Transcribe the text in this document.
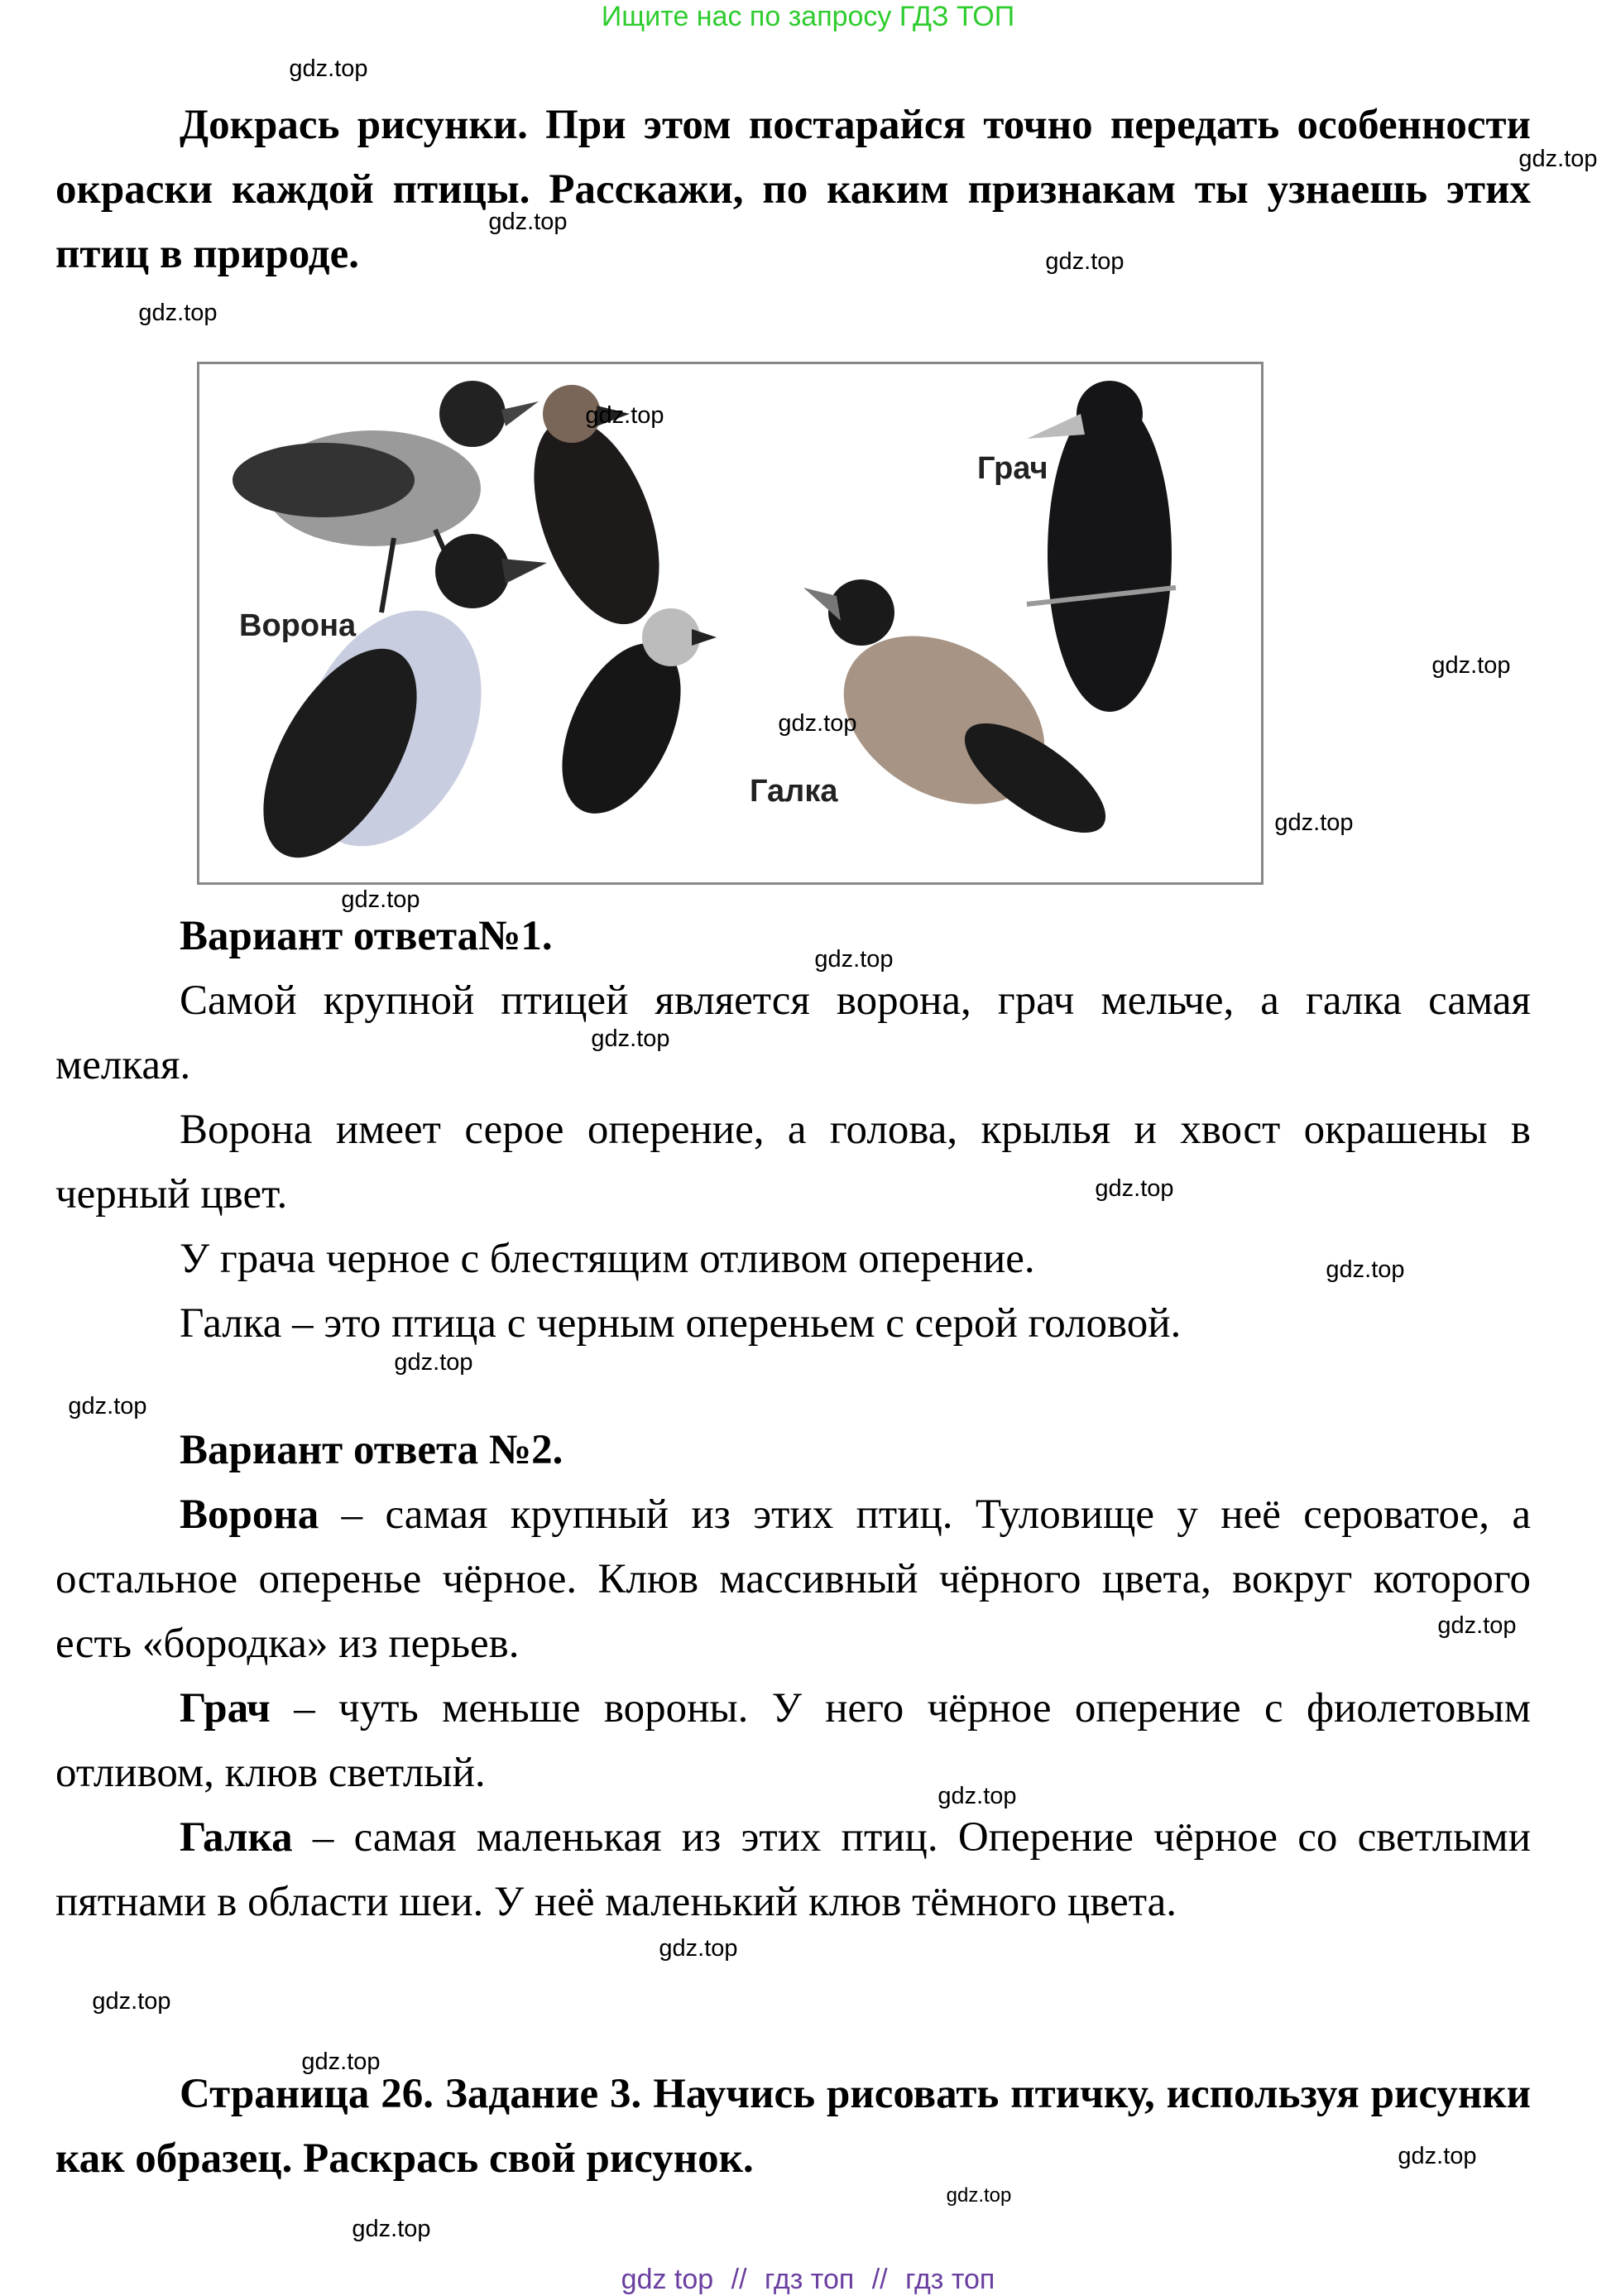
Ищите нас по запросу ГДЗ ТОП

Докрась рисунки. При этом постарайся точно передать особенности окраски каждой птицы. Расскажи, по каким признакам ты узнаешь этих птиц в природе.

Ворона
Грач
Галка

Вариант ответа№1.

Самой крупной птицей является ворона, грач мельче, а галка самая мелкая.

Ворона имеет серое оперение, а голова, крылья и хвост окрашены в черный цвет.

У грача черное с блестящим отливом оперение.

Галка – это птица с черным опереньем с серой головой.

Вариант ответа №2.

Ворона – самая крупный из этих птиц. Туловище у неё сероватое, а остальное оперенье чёрное. Клюв массивный чёрного цвета, вокруг которого есть «бородка» из перьев.

Грач – чуть меньше вороны. У него чёрное оперение с фиолетовым отливом, клюв светлый.

Галка – самая маленькая из этих птиц. Оперение чёрное со светлыми пятнами в области шеи. У неё маленький клюв тёмного цвета.

Страница 26. Задание 3. Научись рисовать птичку, используя рисунки как образец. Раскрась свой рисунок.

gdz.top
gdz.top
gdz.top
gdz.top
gdz.top
gdz.top
gdz.top
gdz.top
gdz.top
gdz.top
gdz.top
gdz.top
gdz.top
gdz.top
gdz.top
gdz.top
gdz.top
gdz.top
gdz.top
gdz.top
gdz.top
gdz.top
gdz.top
gdz.top
gdz top // гдз топ // гдз топ
